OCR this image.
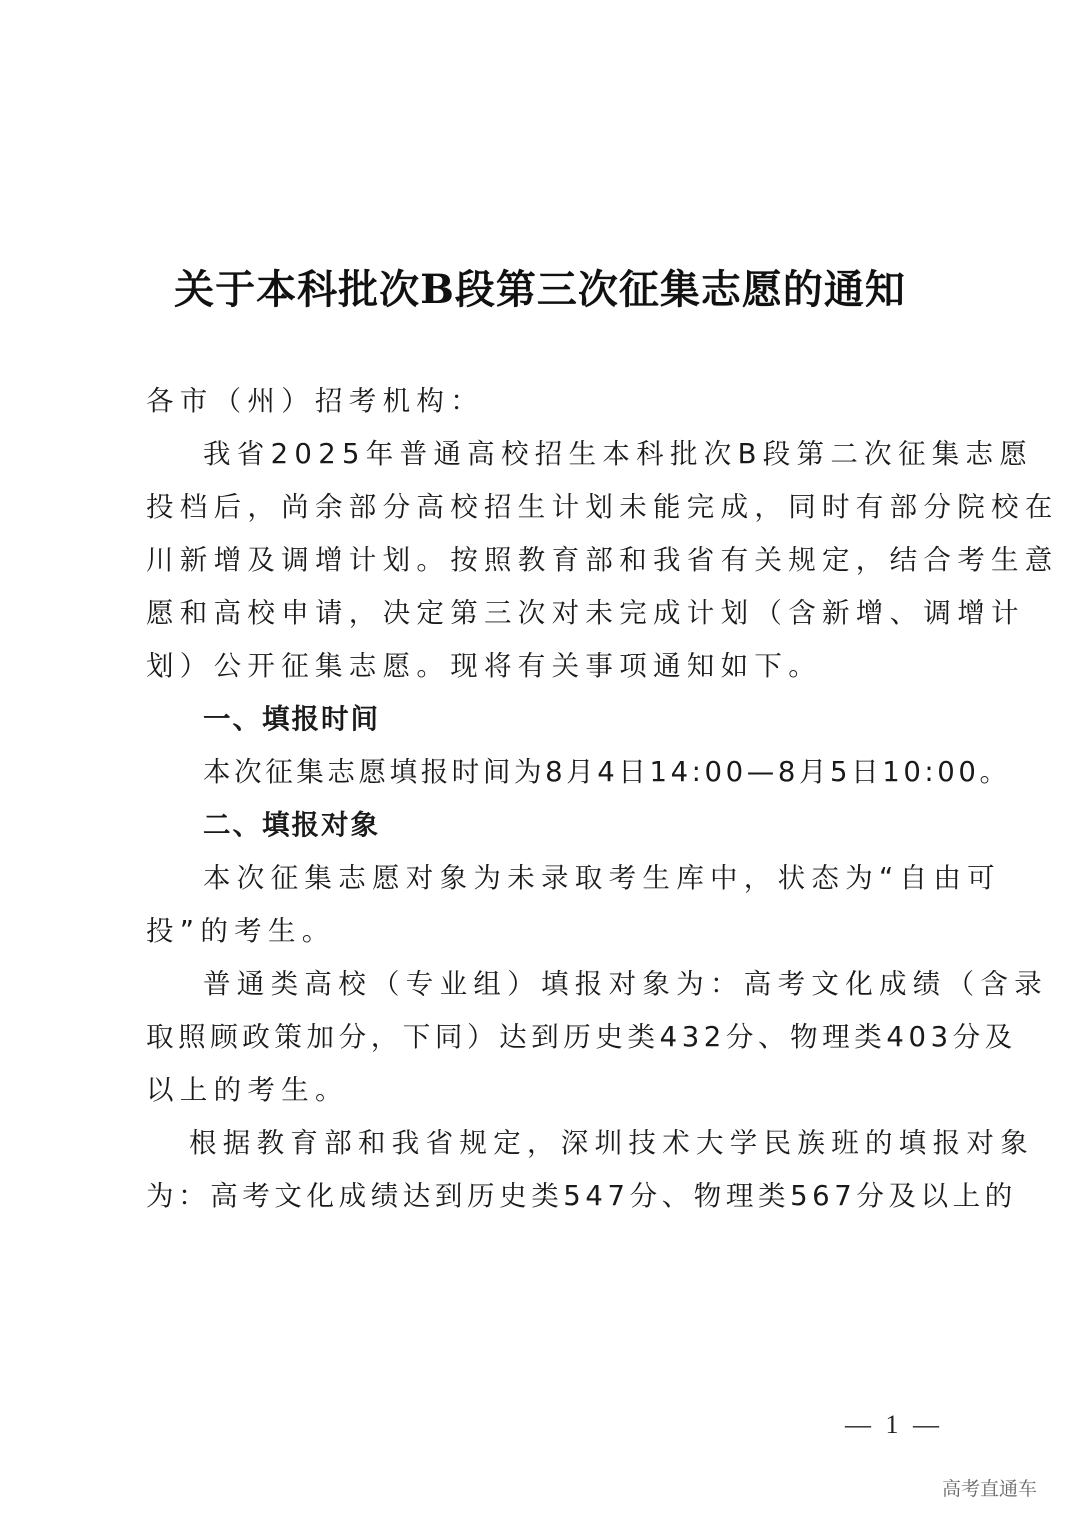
关于本科批次B段第三次征集志愿的通知
各市（州）招考机构：
我省2025年普通高校招生本科批次B段第二次征集志愿
投档后，尚余部分高校招生计划未能完成，同时有部分院校在
川新增及调增计划。按照教育部和我省有关规定，结合考生意
愿和高校申请，决定第三次对未完成计划（含新增、调增计
划）公开征集志愿。现将有关事项通知如下。
一、填报时间
本次征集志愿填报时间为8月4日14:00—8月5日10:00。
二、填报对象
本次征集志愿对象为未录取考生库中，状态为“自由可
投”的考生。
普通类高校（专业组）填报对象为：高考文化成绩（含录
取照顾政策加分，下同）达到历史类432分、物理类403分及
以上的考生。
根据教育部和我省规定，深圳技术大学民族班的填报对象
为：高考文化成绩达到历史类547分、物理类567分及以上的
— 1 —
高考直通车
